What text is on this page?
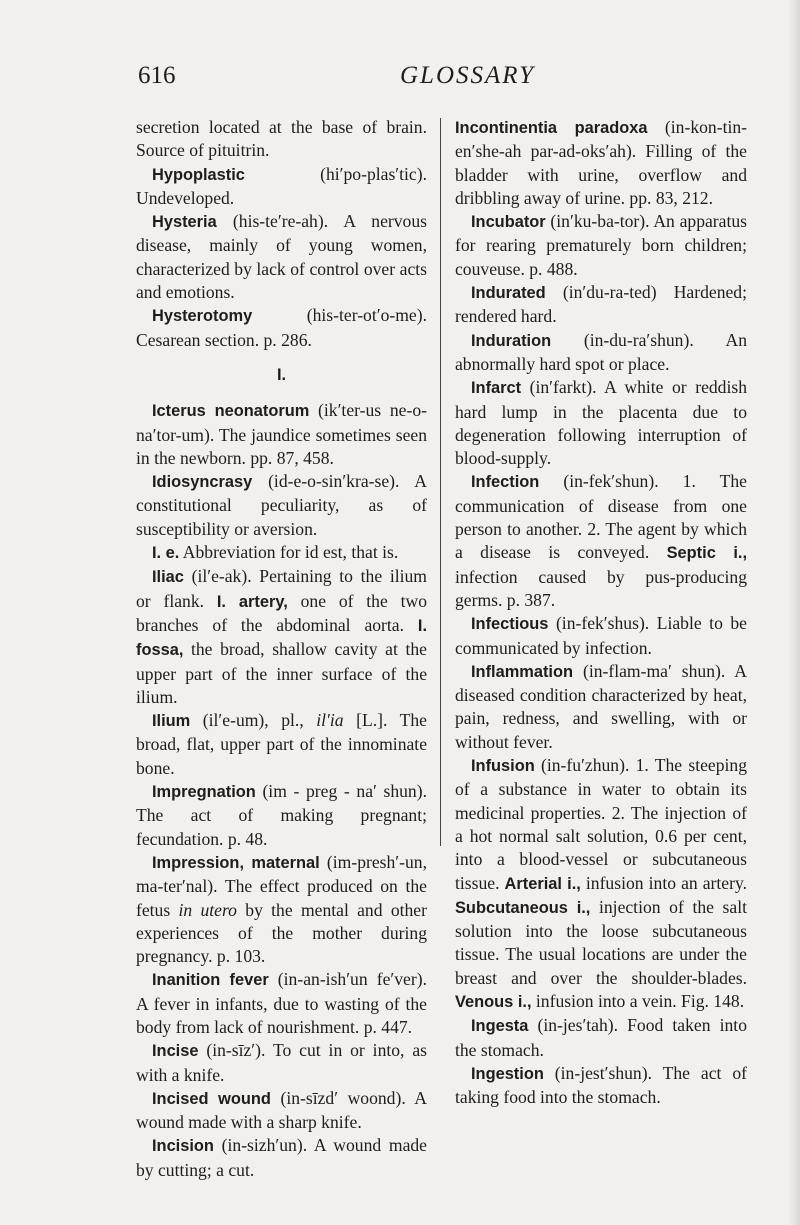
616	GLOSSARY

secretion located at the base of brain. Source of pituitrin.

Hypoplastic (hi′po-plas′tic). Undeveloped.

Hysteria (his-te′re-ah). A nervous disease, mainly of young women, characterized by lack of control over acts and emotions.

Hysterotomy (his-ter-ot′o-me). Cesarean section. p. 286.

I.

Icterus neonatorum (ik′ter-us ne-o-na′tor-um). The jaundice sometimes seen in the newborn. pp. 87, 458.

Idiosyncrasy (id-e-o-sin′kra-se). A constitutional peculiarity, as of susceptibility or aversion.

I. e. Abbreviation for id est, that is.

Iliac (il′e-ak). Pertaining to the ilium or flank. I. artery, one of the two branches of the abdominal aorta. I. fossa, the broad, shallow cavity at the upper part of the inner surface of the ilium.

Ilium (il′e-um), pl., il′ia [L.]. The broad, flat, upper part of the innominate bone.

Impregnation (im - preg - na′ shun). The act of making pregnant; fecundation. p. 48.

Impression, maternal (im-presh′-un, ma-ter′nal). The effect produced on the fetus in utero by the mental and other experiences of the mother during pregnancy. p. 103.

Inanition fever (in-an-ish′un fe′ver). A fever in infants, due to wasting of the body from lack of nourishment. p. 447.

Incise (in-sīz′). To cut in or into, as with a knife.

Incised wound (in-sīzd′ woond). A wound made with a sharp knife.

Incision (in-sizh′un). A wound made by cutting; a cut.

Incontinentia paradoxa (in-kon-tin-en′she-ah par-ad-oks′ah). Filling of the bladder with urine, overflow and dribbling away of urine. pp. 83, 212.

Incubator (in′ku-ba-tor). An apparatus for rearing prematurely born children; couveuse. p. 488.

Indurated (in′du-ra-ted) Hardened; rendered hard.

Induration (in-du-ra′shun). An abnormally hard spot or place.

Infarct (in′farkt). A white or reddish hard lump in the placenta due to degeneration following interruption of blood-supply.

Infection (in-fek′shun). 1. The communication of disease from one person to another. 2. The agent by which a disease is conveyed. Septic i., infection caused by pus-producing germs. p. 387.

Infectious (in-fek′shus). Liable to be communicated by infection.

Inflammation (in-flam-ma′ shun). A diseased condition characterized by heat, pain, redness, and swelling, with or without fever.

Infusion (in-fu′zhun). 1. The steeping of a substance in water to obtain its medicinal properties. 2. The injection of a hot normal salt solution, 0.6 per cent, into a blood-vessel or subcutaneous tissue. Arterial i., infusion into an artery. Subcutaneous i., injection of the salt solution into the loose subcutaneous tissue. The usual locations are under the breast and over the shoulder-blades. Venous i., infusion into a vein. Fig. 148.

Ingesta (in-jes′tah). Food taken into the stomach.

Ingestion (in-jest′shun). The act of taking food into the stomach.
